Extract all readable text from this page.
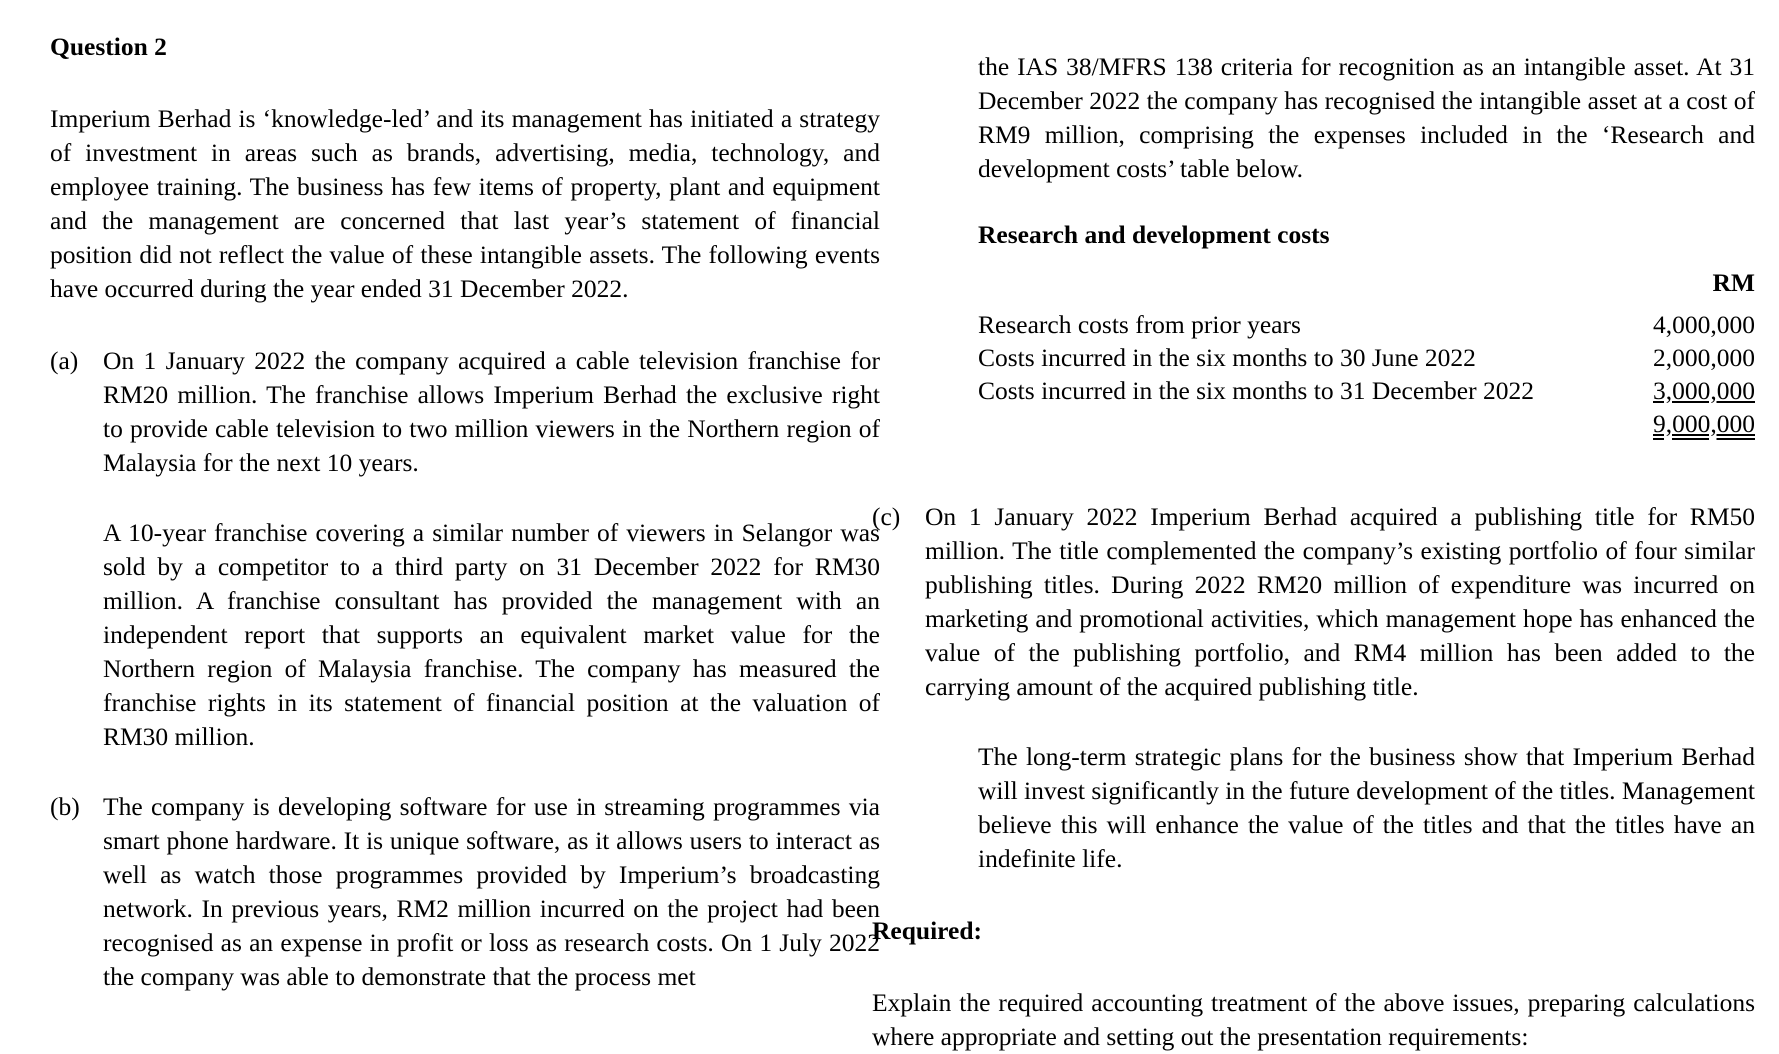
Question 2

Imperium Berhad is ‘knowledge-led’ and its management has initiated a strategy of investment in areas such as brands, advertising, media, technology, and employee training. The business has few items of property, plant and equipment and the management are concerned that last year’s statement of financial position did not reflect the value of these intangible assets. The following events have occurred during the year ended 31 December 2022.

(a) On 1 January 2022 the company acquired a cable television franchise for RM20 million. The franchise allows Imperium Berhad the exclusive right to provide cable television to two million viewers in the Northern region of Malaysia for the next 10 years.

A 10-year franchise covering a similar number of viewers in Selangor was sold by a competitor to a third party on 31 December 2022 for RM30 million. A franchise consultant has provided the management with an independent report that supports an equivalent market value for the Northern region of Malaysia franchise. The company has measured the franchise rights in its statement of financial position at the valuation of RM30 million.

(b) The company is developing software for use in streaming programmes via smart phone hardware. It is unique software, as it allows users to interact as well as watch those programmes provided by Imperium’s broadcasting network. In previous years, RM2 million incurred on the project had been recognised as an expense in profit or loss as research costs. On 1 July 2022 the company was able to demonstrate that the process met

the IAS 38/MFRS 138 criteria for recognition as an intangible asset. At 31 December 2022 the company has recognised the intangible asset at a cost of RM9 million, comprising the expenses included in the ‘Research and development costs’ table below.

Research and development costs

	RM
Research costs from prior years	4,000,000
Costs incurred in the six months to 30 June 2022	2,000,000
Costs incurred in the six months to 31 December 2022	3,000,000
	9,000,000
(c) On 1 January 2022 Imperium Berhad acquired a publishing title for RM50 million. The title complemented the company’s existing portfolio of four similar publishing titles. During 2022 RM20 million of expenditure was incurred on marketing and promotional activities, which management hope has enhanced the value of the publishing portfolio, and RM4 million has been added to the carrying amount of the acquired publishing title.

The long-term strategic plans for the business show that Imperium Berhad will invest significantly in the future development of the titles. Management believe this will enhance the value of the titles and that the titles have an indefinite life.

Required:

Explain the required accounting treatment of the above issues, preparing calculations where appropriate and setting out the presentation requirements:
